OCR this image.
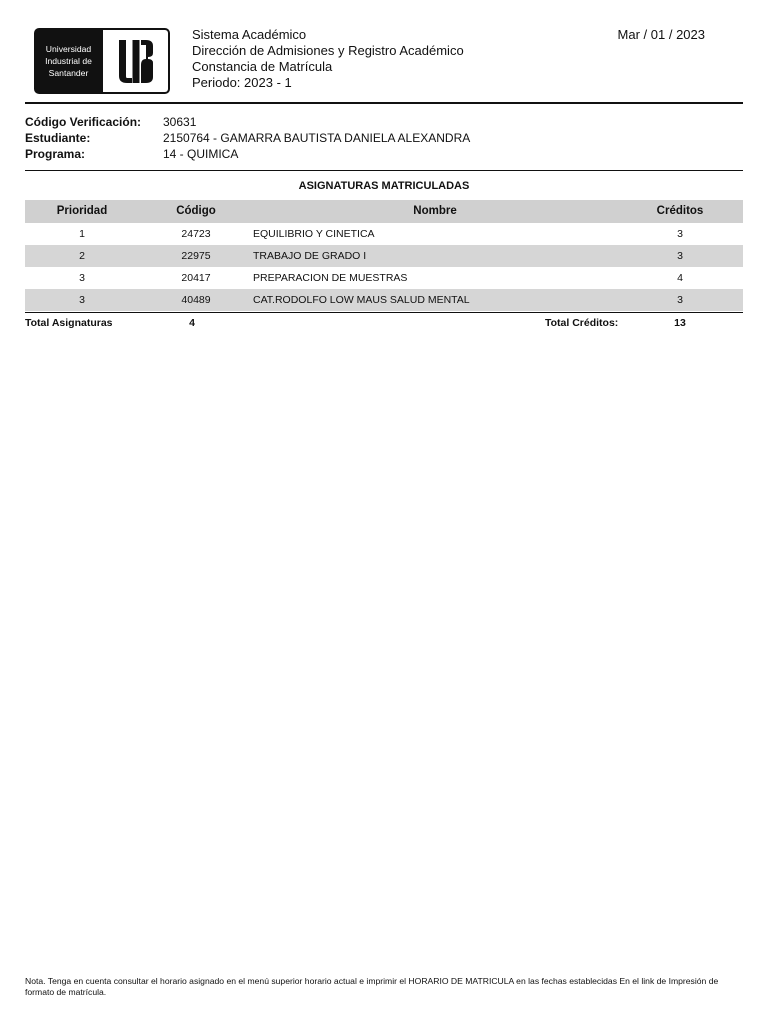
Universidad
Industrial de
Santander
Sistema Académico
Dirección de Admisiones y Registro Académico
Constancia de Matrícula
Periodo: 2023 - 1
Mar / 01 / 2023
Código Verificación:	30631
Estudiante:	2150764 - GAMARRA BAUTISTA DANIELA ALEXANDRA
Programa:	14 - QUIMICA
ASIGNATURAS MATRICULADAS
Prioridad	Código	Nombre	Créditos
1	24723	EQUILIBRIO Y CINETICA	3
2	22975	TRABAJO DE GRADO I	3
3	20417	PREPARACION DE MUESTRAS	4
3	40489	CAT.RODOLFO LOW MAUS SALUD MENTAL	3
Total Asignaturas	4	Total Créditos:	13
Nota. Tenga en cuenta consultar el horario asignado en el menú superior horario actual e imprimir el HORARIO DE MATRICULA en las fechas establecidas En el link de Impresión de formato de matrícula.
